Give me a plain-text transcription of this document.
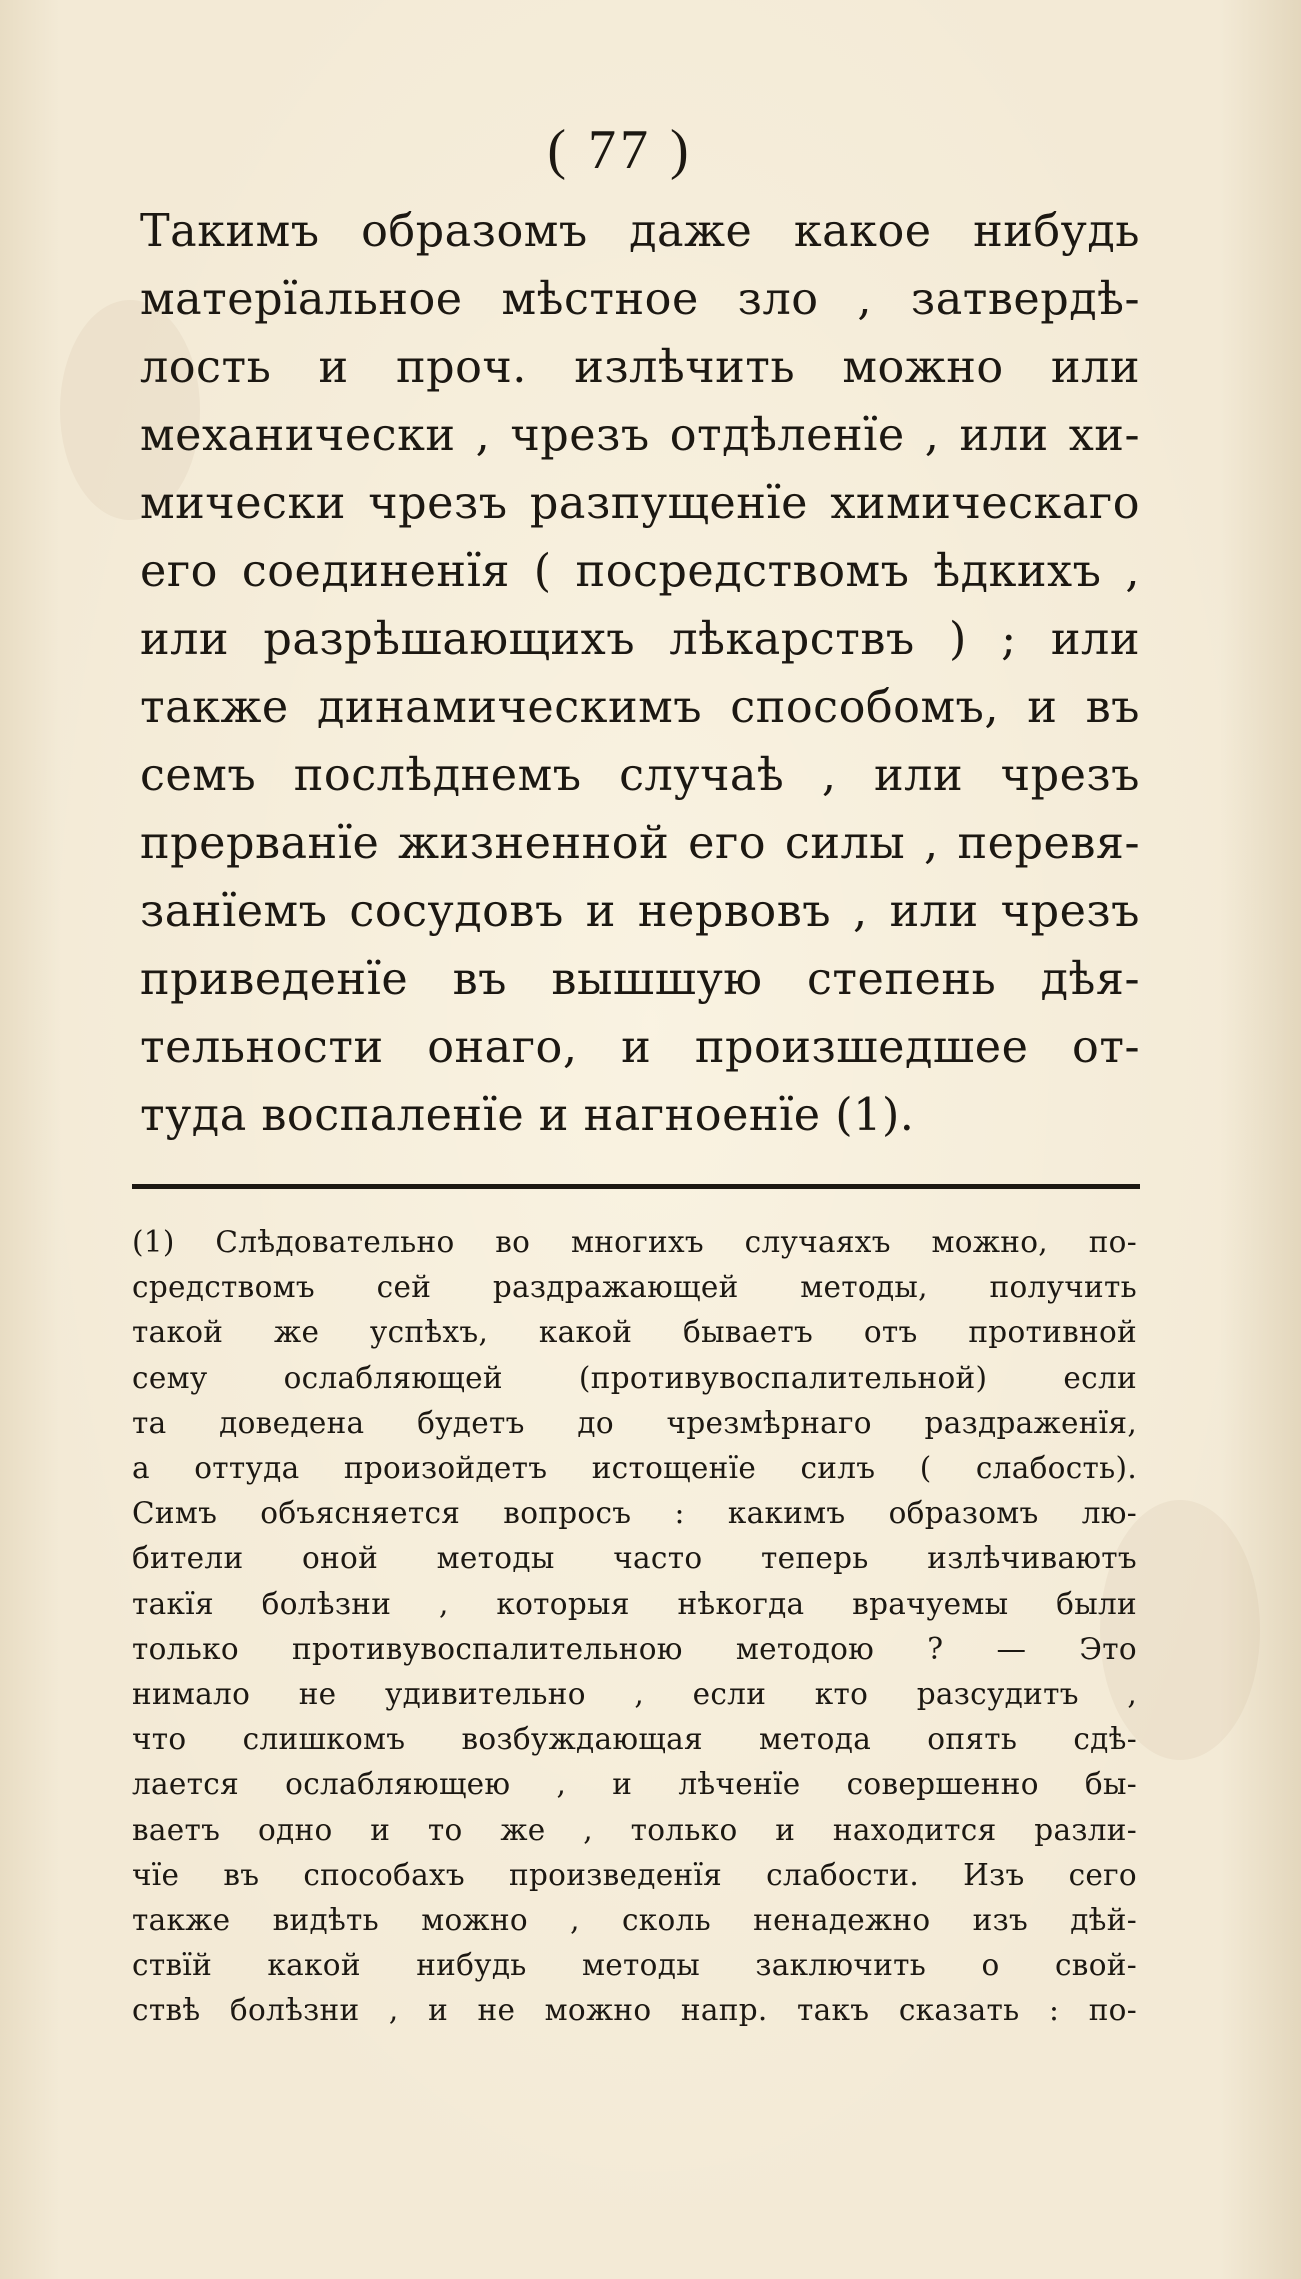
( 77 )
Такимъ образомъ даже какое нибудь
матерїальное мѣстное зло , затвердѣ-
лость и проч. излѣчить можно или
механически , чрезъ отдѣленїе , или хи-
мически чрезъ разпущенїе химическаго
его соединенїя ( посредствомъ ѣдкихъ ,
или разрѣшающихъ лѣкарствъ ) ; или
также динамическимъ способомъ, и въ
семъ послѣднемъ случаѣ , или чрезъ
прерванїе жизненной его силы , перевя-
занїемъ сосудовъ и нервовъ , или чрезъ
приведенїе въ вышшую степень дѣя-
тельности онаго, и произшедшее от-
туда воспаленїе и нагноенїе (1).
(1) Слѣдовательно во многихъ случаяхъ можно, по-
средствомъ сей раздражающей методы, получить
такой же успѣхъ, какой бываетъ отъ противной
сему ослабляющей (противувоспалительной) если
та доведена будетъ до чрезмѣрнаго раздраженїя,
а оттуда произойдетъ истощенїе силъ ( слабость).
Симъ объясняется вопросъ : какимъ образомъ лю-
бители оной методы часто теперь излѣчиваютъ
такїя болѣзни , которыя нѣкогда врачуемы были
только противувоспалительною методою ? — Это
нимало не удивительно , если кто разсудитъ ,
что слишкомъ возбуждающая метода опять сдѣ-
лается ослабляющею , и лѣченїе совершенно бы-
ваетъ одно и то же , только и находится разли-
чїе въ способахъ произведенїя слабости. Изъ сего
также видѣть можно , сколь ненадежно изъ дѣй-
ствїй какой нибудь методы заключить о свой-
ствѣ болѣзни , и не можно напр. такъ сказать : по-
